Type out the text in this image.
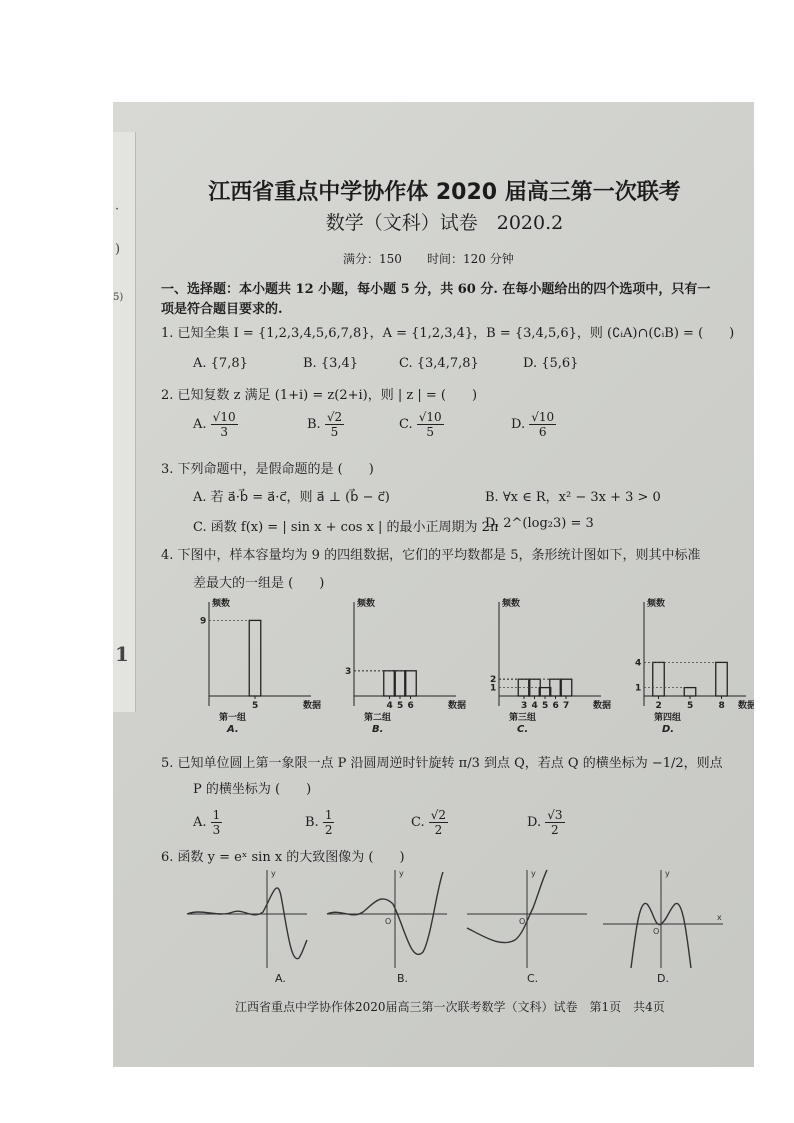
·
)
5)
1
江西省重点中学协作体 2020 届高三第一次联考
数学（文科）试卷　2020.2
满分：150 时间：120 分钟
一、选择题：本小题共 12 小题，每小题 5 分，共 60 分. 在每小题给出的四个选项中，只有一
项是符合题目要求的.
1. 已知全集 I = {1,2,3,4,5,6,7,8}，A = {1,2,3,4}，B = {3,4,5,6}，则 (∁ᵢA)∩(∁ᵢB) = (　　)
A. {7,8}	B. {3,4}	C. {3,4,7,8}	D. {5,6}
2. 已知复数 z 满足 (1+i) = z(2+i)，则 | z | = (　　)
A. $\frac{√10}{3}$	B. $\frac{√2}{5}$	C. $\frac{√10}{5}$	D. $\frac{√10}{6}$
3. 下列命题中，是假命题的是 (　　)
A. 若 a⃗·b⃗ = a⃗·c⃗，则 a⃗ ⊥ (b⃗ − c⃗)	B. ∀x ∈ R，x² − 3x + 3 > 0
C. 函数 f(x) = | sin x + cos x | 的最小正周期为 2π
D. 2^(log₂3) = 3
4. 下图中，样本容量均为 9 的四组数据，它们的平均数都是 5，条形统计图如下，则其中标准
差最大的一组是 (　　)
频数
数据
5
9
第一组
A.
频数
数据
4 5 6
3
第二组
B.
频数
数据
3 4 5 6 7
1
2
第三组
C.
频数
数据
2	5	8
1
4
第四组
D.
5. 已知单位圆上第一象限一点 P 沿圆周逆时针旋转 π/3 到点 Q，若点 Q 的横坐标为 −1/2，则点
P 的横坐标为 (　　)
A. $\frac{1}{3}$	B. $\frac{1}{2}$	C. $\frac{√2}{2}$	D. $\frac{√3}{2}$
6. 函数 y = eˣ sin x 的大致图像为 (　　)
y	y	y	y
O	O
O
x
A.	B.	C.	D.
江西省重点中学协作体2020届高三第一次联考数学（文科）试卷　第1页　共4页
